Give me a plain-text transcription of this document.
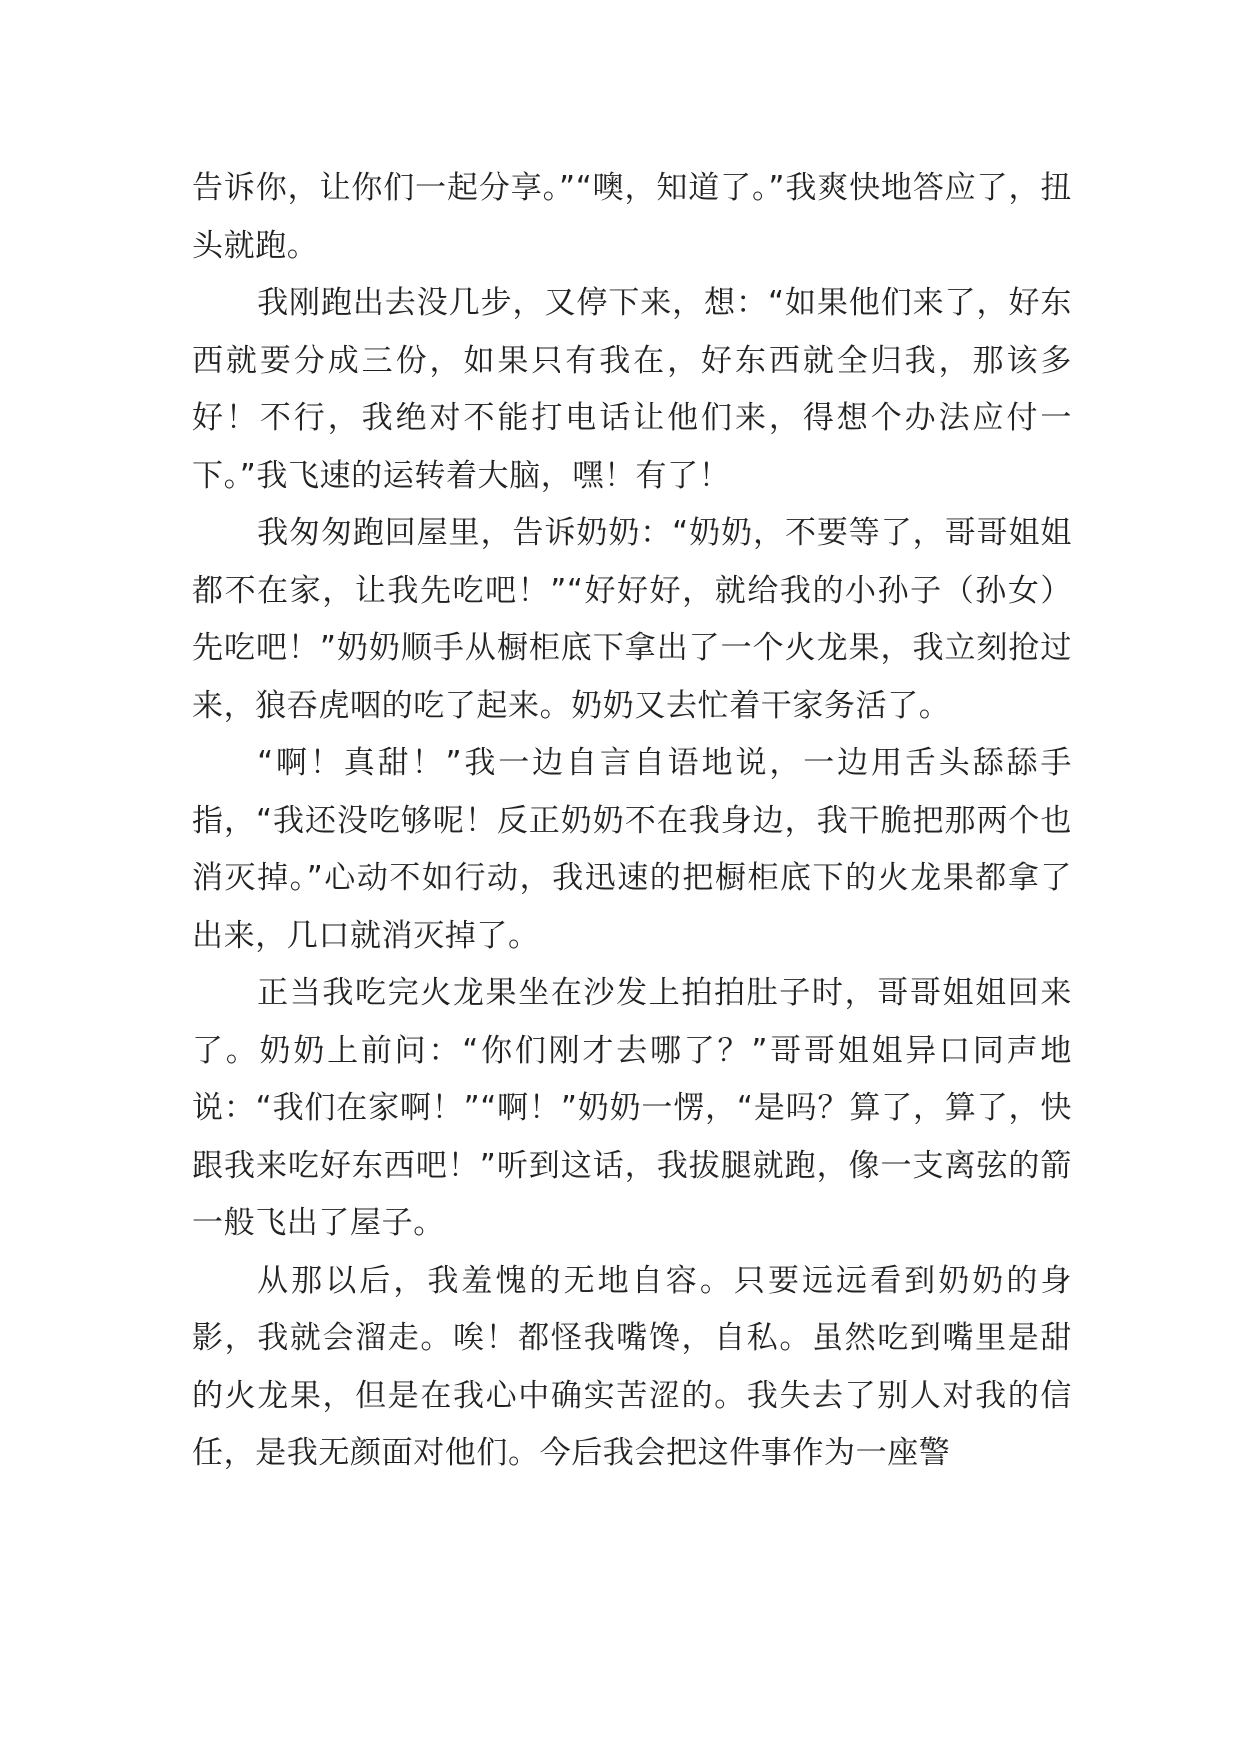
告诉你，让你们一起分享。”“噢，知道了。”我爽快地答应了，扭头就跑。

我刚跑出去没几步，又停下来，想：“如果他们来了，好东西就要分成三份，如果只有我在，好东西就全归我，那该多好！不行，我绝对不能打电话让他们来，得想个办法应付一下。”我飞速的运转着大脑，嘿！有了！

我匆匆跑回屋里，告诉奶奶：“奶奶，不要等了，哥哥姐姐都不在家，让我先吃吧！”“好好好，就给我的小孙子（孙女）先吃吧！”奶奶顺手从橱柜底下拿出了一个火龙果，我立刻抢过来，狼吞虎咽的吃了起来。奶奶又去忙着干家务活了。

“啊！真甜！”我一边自言自语地说，一边用舌头舔舔手指，“我还没吃够呢！反正奶奶不在我身边，我干脆把那两个也消灭掉。”心动不如行动，我迅速的把橱柜底下的火龙果都拿了出来，几口就消灭掉了。

正当我吃完火龙果坐在沙发上拍拍肚子时，哥哥姐姐回来了。奶奶上前问：“你们刚才去哪了？”哥哥姐姐异口同声地说：“我们在家啊！”“啊！”奶奶一愣，“是吗？算了，算了，快跟我来吃好东西吧！”听到这话，我拔腿就跑，像一支离弦的箭一般飞出了屋子。

从那以后，我羞愧的无地自容。只要远远看到奶奶的身影，我就会溜走。唉！都怪我嘴馋，自私。虽然吃到嘴里是甜的火龙果，但是在我心中确实苦涩的。我失去了别人对我的信任，是我无颜面对他们。今后我会把这件事作为一座警
